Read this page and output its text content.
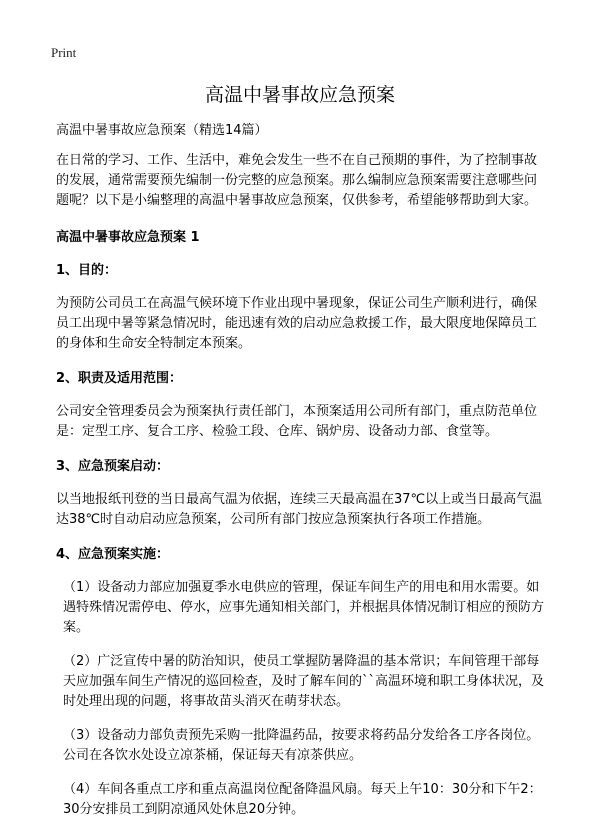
Print
高温中暑事故应急预案

高温中暑事故应急预案（精选14篇）

在日常的学习、工作、生活中，难免会发生一些不在自己预期的事件，为了控制事故的发展，通常需要预先编制一份完整的应急预案。那么编制应急预案需要注意哪些问题呢？以下是小编整理的高温中暑事故应急预案，仅供参考，希望能够帮助到大家。

高温中暑事故应急预案 1

1、目的：

为预防公司员工在高温气候环境下作业出现中暑现象，保证公司生产顺利进行，确保员工出现中暑等紧急情况时，能迅速有效的启动应急救援工作，最大限度地保障员工的身体和生命安全特制定本预案。

2、职责及适用范围：

公司安全管理委员会为预案执行责任部门，本预案适用公司所有部门，重点防范单位是：定型工序、复合工序、检验工段、仓库、锅炉房、设备动力部、食堂等。

3、应急预案启动：

以当地报纸刊登的当日最高气温为依据，连续三天最高温在37℃以上或当日最高气温达38℃时自动启动应急预案，公司所有部门按应急预案执行各项工作措施。

4、应急预案实施：

（1）设备动力部应加强夏季水电供应的管理，保证车间生产的用电和用水需要。如遇特殊情况需停电、停水，应事先通知相关部门，并根据具体情况制订相应的预防方案。

（2）广泛宣传中暑的防治知识，使员工掌握防暑降温的基本常识；车间管理干部每天应加强车间生产情况的巡回检查，及时了解车间的``高温环境和职工身体状况，及时处理出现的问题，将事故苗头消灭在萌芽状态。

（3）设备动力部负责预先采购一批降温药品，按要求将药品分发给各工序各岗位。公司在各饮水处设立凉茶桶，保证每天有凉茶供应。

（4）车间各重点工序和重点高温岗位配备降温风扇。每天上午10：30分和下午2：30分安排员工到阴凉通风处休息20分钟。
